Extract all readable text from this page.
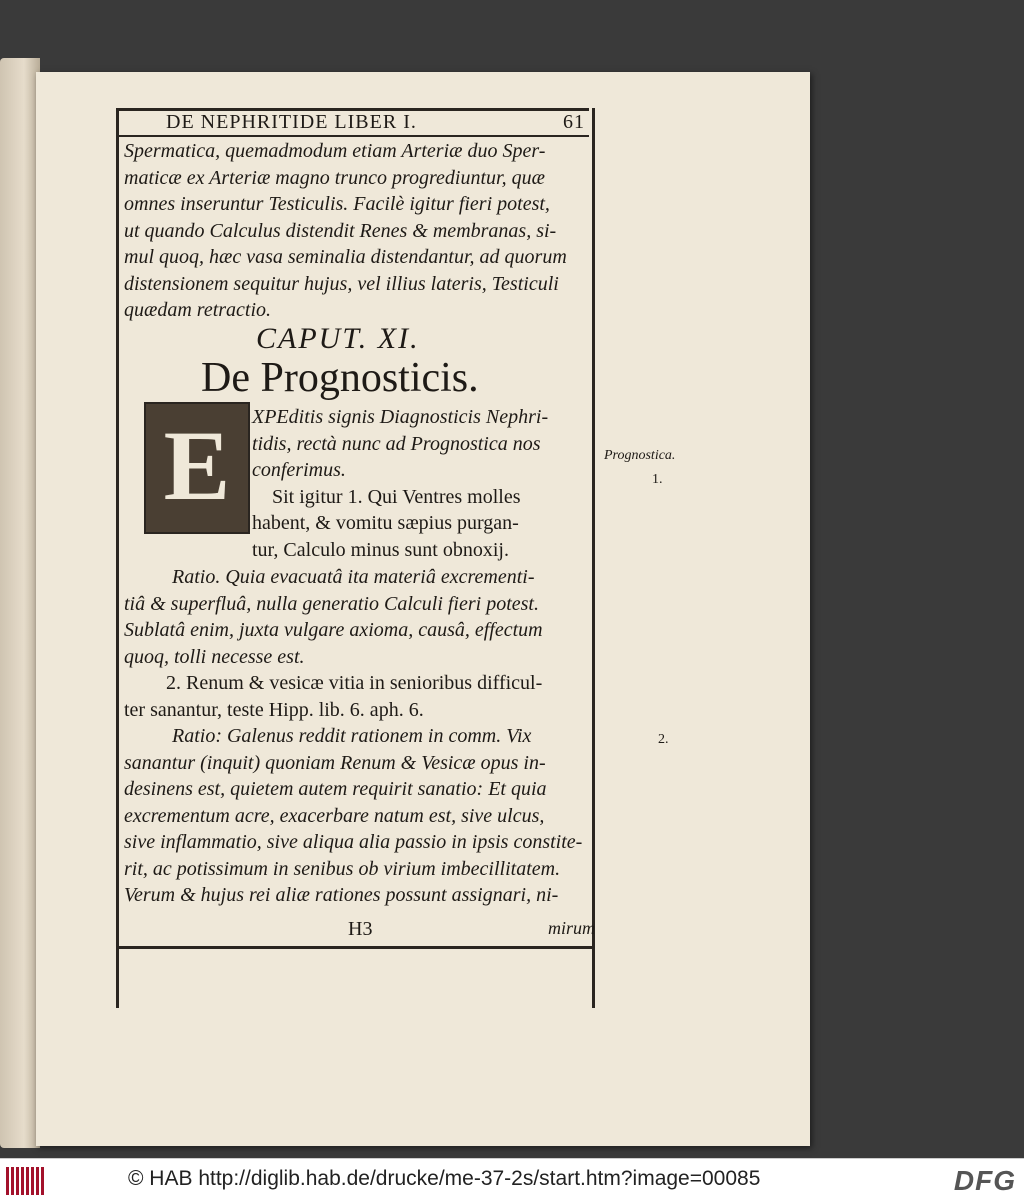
DE NEPHRITIDE LIBER I.	61
Spermatica, quemadmodum etiam Arteriæ duo Sper-
maticæ ex Arteriæ magno trunco progrediuntur, quæ
omnes inseruntur Testiculis. Facilè igitur fieri potest,
ut quando Calculus distendit Renes & membranas, si-
mul quoq, hæc vasa seminalia distendantur, ad quorum
distensionem sequitur hujus, vel illius lateris, Testiculi
quædam retractio.
CAPUT. XI.
De Prognosticis.
E	XPEditis signis Diagnosticis Nephri-
tidis, rectà nunc ad Prognostica nos
conferimus.
Sit igitur 1. Qui Ventres molles
habent, & vomitu sæpius purgan-
tur, Calculo minus sunt obnoxij.
Ratio. Quia evacuatâ ita materiâ excrementi-
tiâ & superfluâ, nulla generatio Calculi fieri potest.
Sublatâ enim, juxta vulgare axioma, causâ, effectum
quoq, tolli necesse est.
2. Renum & vesicæ vitia in senioribus difficul-
ter sanantur, teste Hipp. lib. 6. aph. 6.
Ratio: Galenus reddit rationem in comm. Vix
sanantur (inquit) quoniam Renum & Vesicæ opus in-
desinens est, quietem autem requirit sanatio: Et quia
excrementum acre, exacerbare natum est, sive ulcus,
sive inflammatio, sive aliqua alia passio in ipsis constite-
rit, ac potissimum in senibus ob virium imbecillitatem.
Verum & hujus rei aliæ rationes possunt assignari, ni-
Prognostica.
1.
2.
H3	mirum
© HAB http://diglib.hab.de/drucke/me-37-2s/start.htm?image=00085	DFG
